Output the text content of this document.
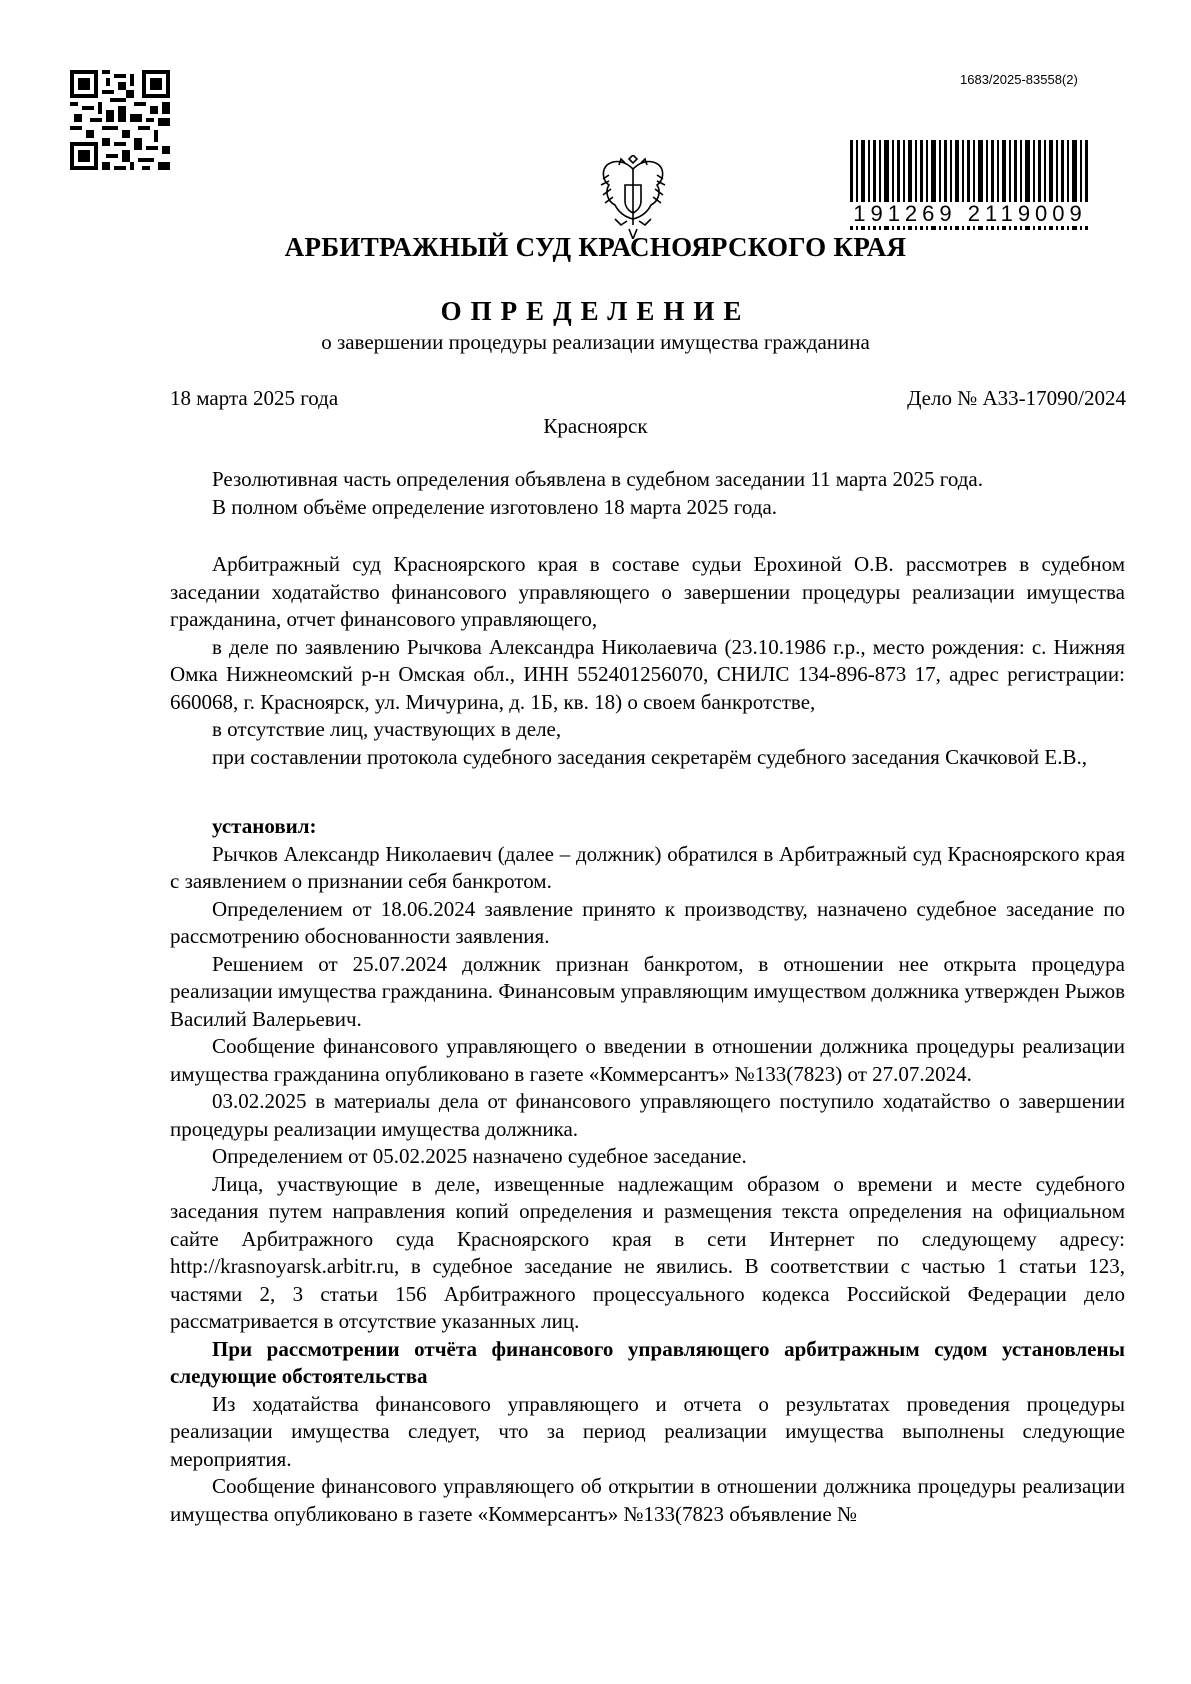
1683/2025-83558(2)
191269 2119009
АРБИТРАЖНЫЙ СУД КРАСНОЯРСКОГО КРАЯ
ОПРЕДЕЛЕНИЕ
о завершении процедуры реализации имущества гражданина
18 марта 2025 года	Дело № А33-17090/2024
Красноярск

Резолютивная часть определения объявлена в судебном заседании 11 марта 2025 года.

В полном объёме определение изготовлено 18 марта 2025 года.

Арбитражный суд Красноярского края в составе судьи Ерохиной О.В. рассмотрев в судебном заседании ходатайство финансового управляющего о завершении процедуры реализации имущества гражданина, отчет финансового управляющего,

в деле по заявлению Рычкова Александра Николаевича (23.10.1986 г.р., место рождения: с. Нижняя Омка Нижнеомский р-н Омская обл., ИНН 552401256070, СНИЛС 134-896-873 17, адрес регистрации: 660068, г. Красноярск, ул. Мичурина, д. 1Б, кв. 18) о своем банкротстве,

в отсутствие лиц, участвующих в деле,

при составлении протокола судебного заседания секретарём судебного заседания Скачковой Е.В.,

установил:

Рычков Александр Николаевич (далее – должник) обратился в Арбитражный суд Красноярского края с заявлением о признании себя банкротом.

Определением от 18.06.2024 заявление принято к производству, назначено судебное заседание по рассмотрению обоснованности заявления.

Решением от 25.07.2024 должник признан банкротом, в отношении нее открыта процедура реализации имущества гражданина. Финансовым управляющим имуществом должника утвержден Рыжов Василий Валерьевич.

Сообщение финансового управляющего о введении в отношении должника процедуры реализации имущества гражданина опубликовано в газете «Коммерсантъ» №133(7823) от 27.07.2024.

03.02.2025 в материалы дела от финансового управляющего поступило ходатайство о завершении процедуры реализации имущества должника.

Определением от 05.02.2025 назначено судебное заседание.

Лица, участвующие в деле, извещенные надлежащим образом о времени и месте судебного заседания путем направления копий определения и размещения текста определения на официальном сайте Арбитражного суда Красноярского края в сети Интернет по следующему адресу: http://krasnoyarsk.arbitr.ru, в судебное заседание не явились. В соответствии с частью 1 статьи 123, частями 2, 3 статьи 156 Арбитражного процессуального кодекса Российской Федерации дело рассматривается в отсутствие указанных лиц.

При рассмотрении отчёта финансового управляющего арбитражным судом установлены следующие обстоятельства

Из ходатайства финансового управляющего и отчета о результатах проведения процедуры реализации имущества следует, что за период реализации имущества выполнены следующие мероприятия.

Сообщение финансового управляющего об открытии в отношении должника процедуры реализации имущества опубликовано в газете «Коммерсантъ» №133(7823 объявление №
